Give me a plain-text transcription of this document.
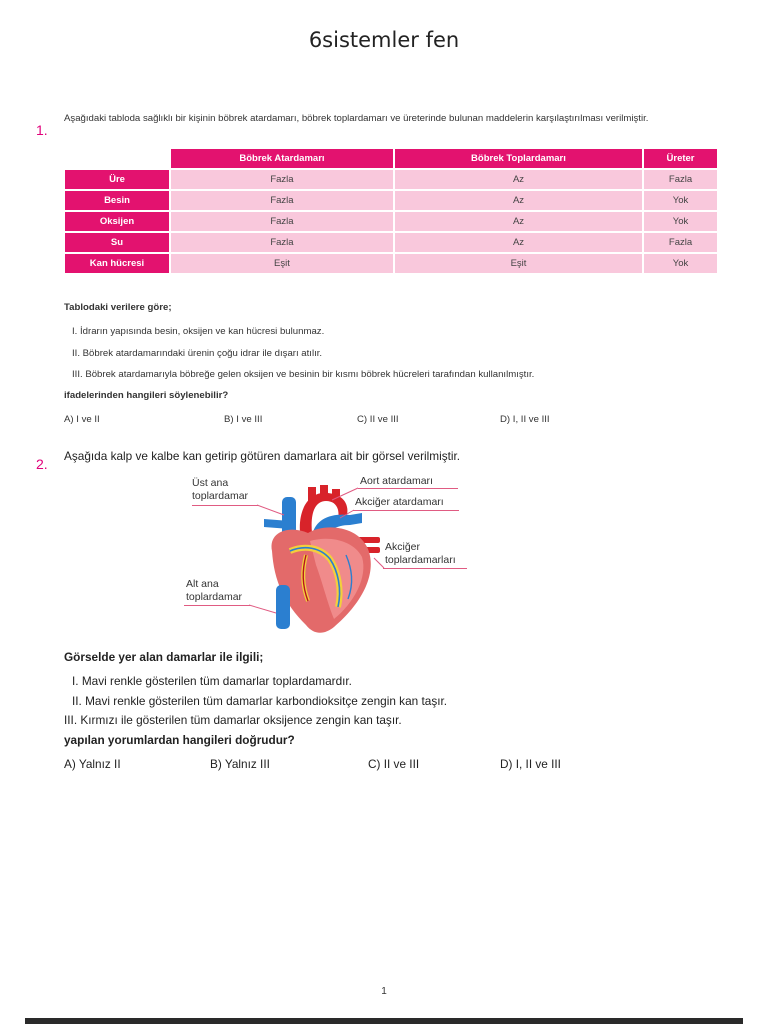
6sistemler fen
1.
Aşağıdaki tabloda sağlıklı bir kişinin böbrek atardamarı, böbrek toplardamarı ve üreterinde bulunan maddelerin karşılaştırılması verilmiştir.
	Böbrek Atardamarı	Böbrek Toplardamarı	Üreter
Üre	Fazla	Az	Fazla
Besin	Fazla	Az	Yok
Oksijen	Fazla	Az	Yok
Su	Fazla	Az	Fazla
Kan hücresi	Eşit	Eşit	Yok
Tablodaki verilere göre;
I. İdrarın yapısında besin, oksijen ve kan hücresi bulunmaz.
II. Böbrek atardamarındaki ürenin çoğu idrar ile dışarı atılır.
III. Böbrek atardamarıyla böbreğe gelen oksijen ve besinin bir kısmı böbrek hücreleri tarafından kullanılmıştır.
ifadelerinden hangileri söylenebilir?
A) I ve II	B) I ve III	C) II ve III	D) I, II ve III
2. Aşağıda kalp ve kalbe kan getirip götüren damarlara ait bir görsel verilmiştir.
Üst ana
toplardamar
Aort atardamarı
Akciğer atardamarı
Akciğer
toplardamarları
Alt ana
toplardamar
Görselde yer alan damarlar ile ilgili;
I. Mavi renkle gösterilen tüm damarlar toplardamardır.
II. Mavi renkle gösterilen tüm damarlar karbondioksitçe zengin kan taşır.
III. Kırmızı ile gösterilen tüm damarlar oksijence zengin kan taşır.
yapılan yorumlardan hangileri doğrudur?
A) Yalnız II	B) Yalnız III	C) II ve III	D) I, II ve III
1
